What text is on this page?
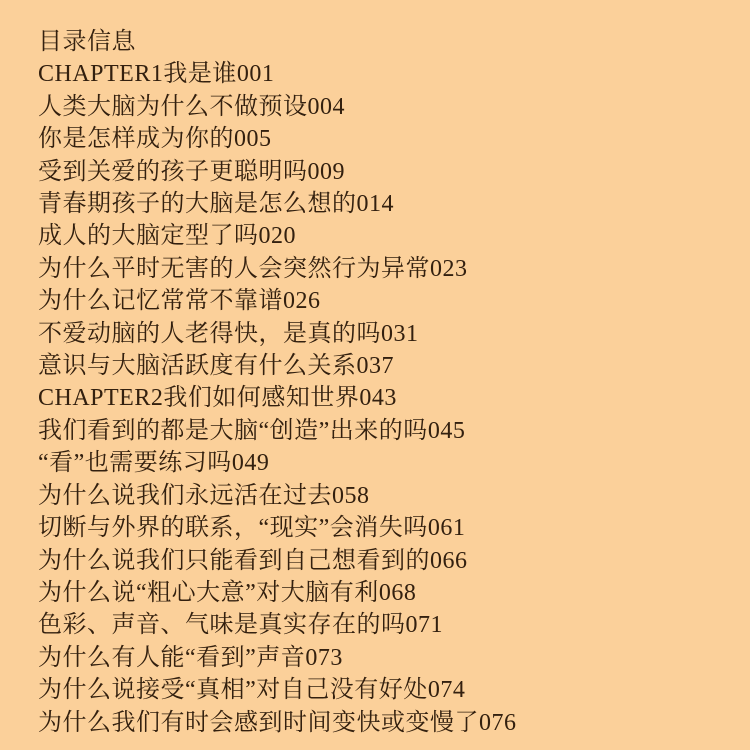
目录信息
CHAPTER1我是谁001
人类大脑为什么不做预设004
你是怎样成为你的005
受到关爱的孩子更聪明吗009
青春期孩子的大脑是怎么想的014
成人的大脑定型了吗020
为什么平时无害的人会突然行为异常023
为什么记忆常常不靠谱026
不爱动脑的人老得快，是真的吗031
意识与大脑活跃度有什么关系037
CHAPTER2我们如何感知世界043
我们看到的都是大脑“创造”出来的吗045
“看”也需要练习吗049
为什么说我们永远活在过去058
切断与外界的联系，“现实”会消失吗061
为什么说我们只能看到自己想看到的066
为什么说“粗心大意”对大脑有利068
色彩、声音、气味是真实存在的吗071
为什么有人能“看到”声音073
为什么说接受“真相”对自己没有好处074
为什么我们有时会感到时间变快或变慢了076
